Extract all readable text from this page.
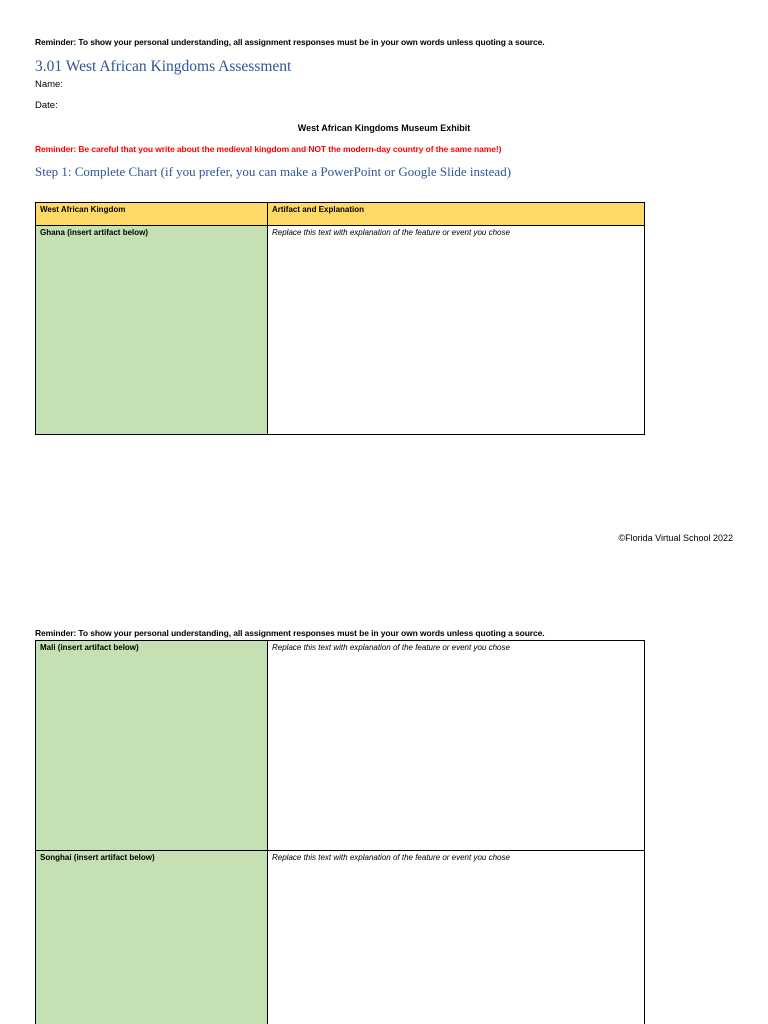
Reminder: To show your personal understanding, all assignment responses must be in your own words unless quoting a source.
3.01 West African Kingdoms Assessment
Name:
Date:
West African Kingdoms Museum Exhibit
Reminder: Be careful that you write about the medieval kingdom and NOT the modern-day country of the same name!)
Step 1: Complete Chart (if you prefer, you can make a PowerPoint or Google Slide instead)
West African Kingdom	Artifact and Explanation
Ghana (insert artifact below)	Replace this text with explanation of the feature or event you chose
©Florida Virtual School 2022
Reminder: To show your personal understanding, all assignment responses must be in your own words unless quoting a source.
Mali (insert artifact below)	Replace this text with explanation of the feature or event you chose
Songhai (insert artifact below)	Replace this text with explanation of the feature or event you chose
